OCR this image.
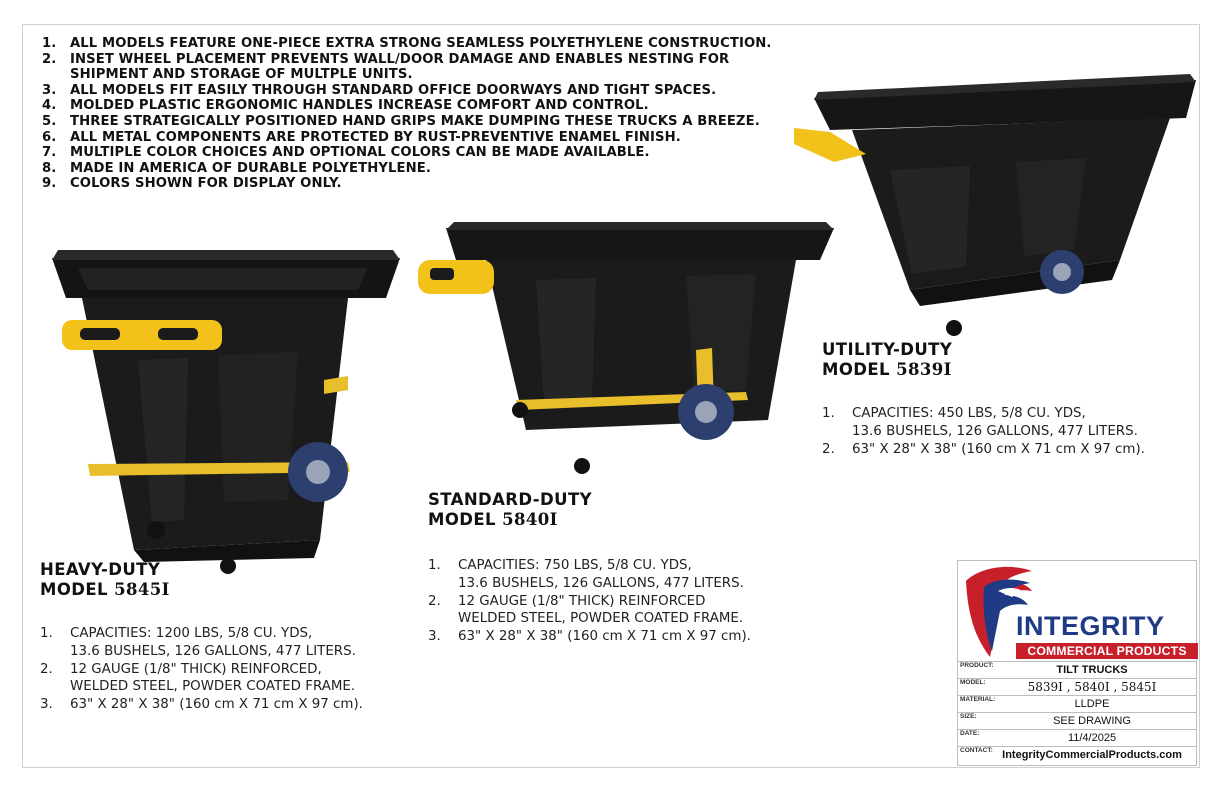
1. ALL MODELS FEATURE ONE-PIECE EXTRA STRONG SEAMLESS POLYETHYLENE CONSTRUCTION.
2. INSET WHEEL PLACEMENT PREVENTS WALL/DOOR DAMAGE AND ENABLES NESTING FOR SHIPMENT AND STORAGE OF MULTPLE UNITS.
3. ALL MODELS FIT EASILY THROUGH STANDARD OFFICE DOORWAYS AND TIGHT SPACES.
4. MOLDED PLASTIC ERGONOMIC HANDLES INCREASE COMFORT AND CONTROL.
5. THREE STRATEGICALLY POSITIONED HAND GRIPS MAKE DUMPING THESE TRUCKS A BREEZE.
6. ALL METAL COMPONENTS ARE PROTECTED BY RUST-PREVENTIVE ENAMEL FINISH.
7. MULTIPLE COLOR CHOICES AND OPTIONAL COLORS CAN BE MADE AVAILABLE.
8. MADE IN AMERICA OF DURABLE POLYETHYLENE.
9. COLORS SHOWN FOR DISPLAY ONLY.
HEAVY-DUTY
MODEL 5845I
1. CAPACITIES: 1200 LBS, 5/8 CU. YDS,
13.6 BUSHELS, 126 GALLONS, 477 LITERS.
2. 12 GAUGE (1/8" THICK) REINFORCED,
WELDED STEEL, POWDER COATED FRAME.
3. 63" X 28" X 38" (160 cm X 71 cm X 97 cm).
STANDARD-DUTY
MODEL 5840I
1. CAPACITIES: 750 LBS, 5/8 CU. YDS,
13.6 BUSHELS, 126 GALLONS, 477 LITERS.
2. 12 GAUGE (1/8" THICK) REINFORCED
WELDED STEEL, POWDER COATED FRAME.
3. 63" X 28" X 38" (160 cm X 71 cm X 97 cm).
UTILITY-DUTY
MODEL 5839I
1. CAPACITIES: 450 LBS, 5/8 CU. YDS,
13.6 BUSHELS, 126 GALLONS, 477 LITERS.
2. 63" X 28" X 38" (160 cm X 71 cm X 97 cm).
INTEGRITY
COMMERCIAL PRODUCTS
PRODUCT:	TILT TRUCKS
MODEL:	5839I , 5840I , 5845I
MATERIAL:	LLDPE
SIZE:	SEE DRAWING
DATE:	11/4/2025
CONTACT: IntegrityCommercialProducts.com
